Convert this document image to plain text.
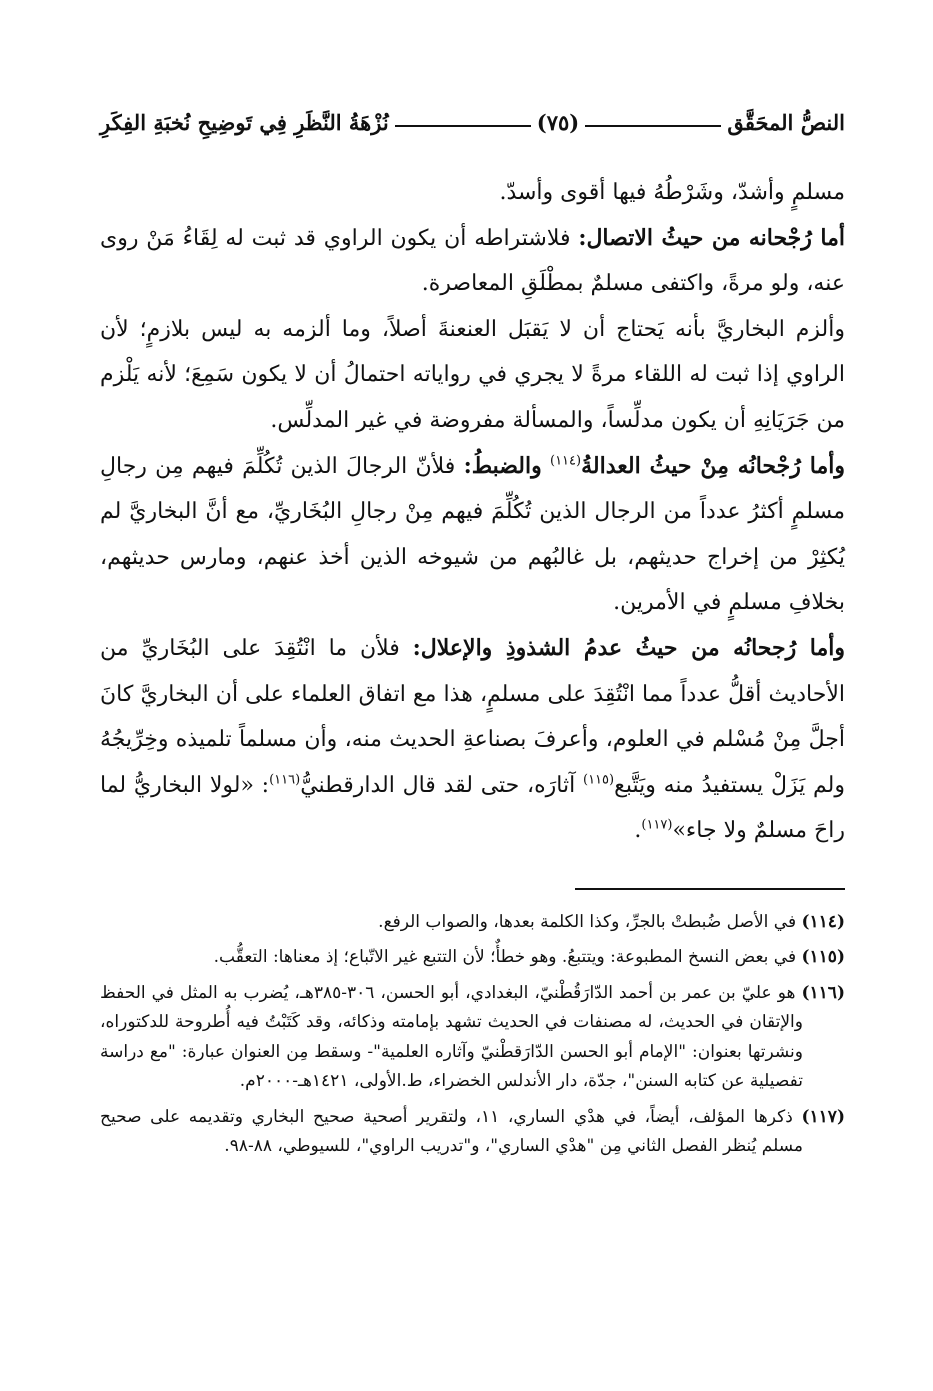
النصُّ المحَقَّق
(٧٥)
نُزْهَةُ النَّظَرِ فِي تَوضِيحِ نُخبَةِ الفِكَرِ

مسلمٍ وأشدّ، وشَرْطُهُ فيها أقوى وأسدّ.

أما رُجْحانه من حيثُ الاتصال: فلاشتراطه أن يكون الراوي قد ثبت له لِقَاءُ مَنْ روى عنه، ولو مرةً، واكتفى مسلمٌ بمطْلَقِ المعاصرة.

وألزم البخاريَّ بأنه يَحتاج أن لا يَقبَل العنعنةَ أصلاً، وما ألزمه به ليس بلازمٍ؛ لأن الراوي إذا ثبت له اللقاء مرةً لا يجري في رواياته احتمالُ أن لا يكون سَمِعَ؛ لأنه يَلْزم من جَرَيَانِهِ أن يكون مدلِّساً، والمسألة مفروضة في غير المدلِّس.

وأما رُجْحانُه مِنْ حيثُ العدالةُ$^{(١١٤)}$ والضبطُ: فلأنّ الرجالَ الذين تُكُلِّمَ فيهم مِن رجالِ مسلمٍ أكثرُ عدداً من الرجال الذين تُكُلِّمَ فيهم مِنْ رجالِ البُخَاريِّ، مع أنَّ البخاريَّ لم يُكثِرْ من إخراج حديثهم، بل غالبُهم من شيوخه الذين أخذ عنهم، ومارس حديثهم، بخلافِ مسلمٍ في الأمرين.

وأما رُجحانُه من حيثُ عدمُ الشذوذِ والإعلال: فلأن ما انْتُقِدَ على البُخَاريِّ من الأحاديث أقلُّ عدداً مما انْتُقِدَ على مسلمٍ، هذا مع اتفاق العلماء على أن البخاريَّ كانَ أجلَّ مِنْ مُسْلم في العلوم، وأعرفَ بصناعةِ الحديث منه، وأن مسلماً تلميذه وخِرِّيجُهُ ولم يَزَلْ يستفيدُ منه ويَتَّبع$^{(١١٥)}$ آثارَه، حتى لقد قال الدارقطنيُّ$^{(١١٦)}$: «لولا البخاريُّ لما راحَ مسلمٌ ولا جاء»$^{(١١٧)}$.

(١١٤) في الأصل ضُبطتْ بالجرِّ، وكذا الكلمة بعدها، والصواب الرفع.

(١١٥) في بعض النسخ المطبوعة: ويتتبعُ. وهو خطأٌ؛ لأن التتبع غير الاتّباع؛ إذ معناها: التعقُّب.

(١١٦) هو عليّ بن عمر بن أحمد الدّارَقُطْنيّ، البغدادي، أبو الحسن، ٣٠٦-٣٨٥هـ، يُضرب به المثل في الحفظ والإتقان في الحديث، له مصنفات في الحديث تشهد بإمامته وذكائه، وقد كَتَبْتُ فيه أُطروحة للدكتوراه، ونشرتها بعنوان: "الإمام أبو الحسن الدّارَقطْنيّ وآثاره العلمية"- وسقط مِن العنوان عبارة: "مع دراسة تفصيلية عن كتابه السنن"، جدّة، دار الأندلس الخضراء، ط.الأولى، ١٤٢١هـ-٢٠٠٠م.

(١١٧) ذكرها المؤلف، أيضاً، في هدْي الساري، ١١، ولتقرير أصحية صحيح البخاري وتقديمه على صحيح مسلم يُنظر الفصل الثاني مِن "هدْي الساري"، و"تدريب الراوي"، للسيوطي، ٨٨-٩٨.
